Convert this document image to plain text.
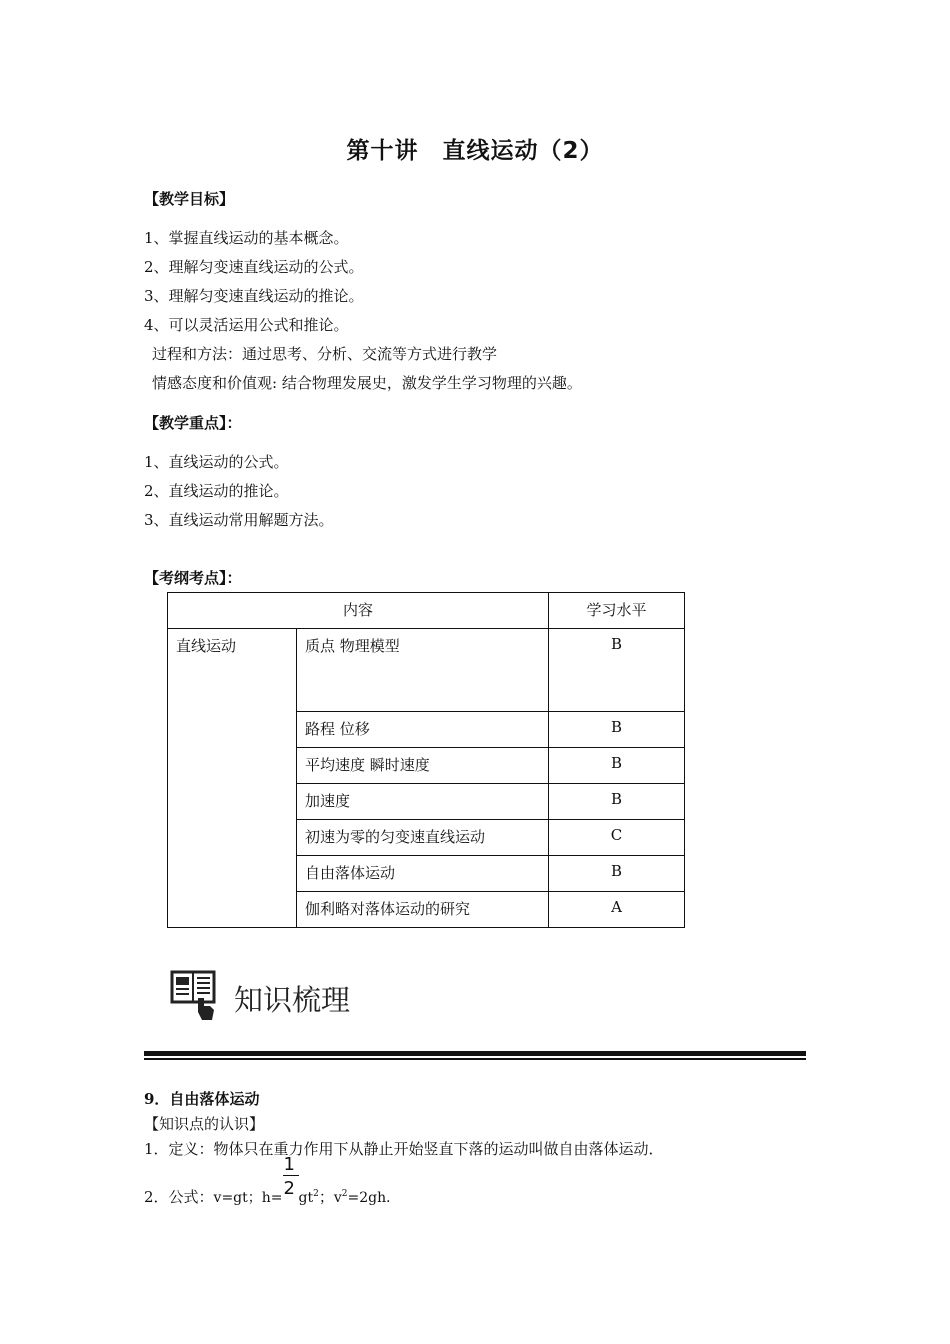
第十讲　直线运动（2）
【教学目标】
1、掌握直线运动的基本概念。
2、理解匀变速直线运动的公式。
3、理解匀变速直线运动的推论。
4、可以灵活运用公式和推论。
过程和方法：通过思考、分析、交流等方式进行教学
情感态度和价值观: 结合物理发展史，激发学生学习物理的兴趣。
【教学重点】：
1、直线运动的公式。
2、直线运动的推论。
3、直线运动常用解题方法。
【考纲考点】：
内容		学习水平
直线运动	质点 物理模型	B
	路程 位移	B
	平均速度 瞬时速度	B
	加速度	B
	初速为零的匀变速直线运动	C
	自由落体运动	B
	伽利略对落体运动的研究	A
知识梳理
9．自由落体运动
【知识点的认识】
1．定义：物体只在重力作用下从静止开始竖直下落的运动叫做自由落体运动．
2．公式：v=gt；$h= \frac{1}{2} gt^2$；$v^2=2gh$．
